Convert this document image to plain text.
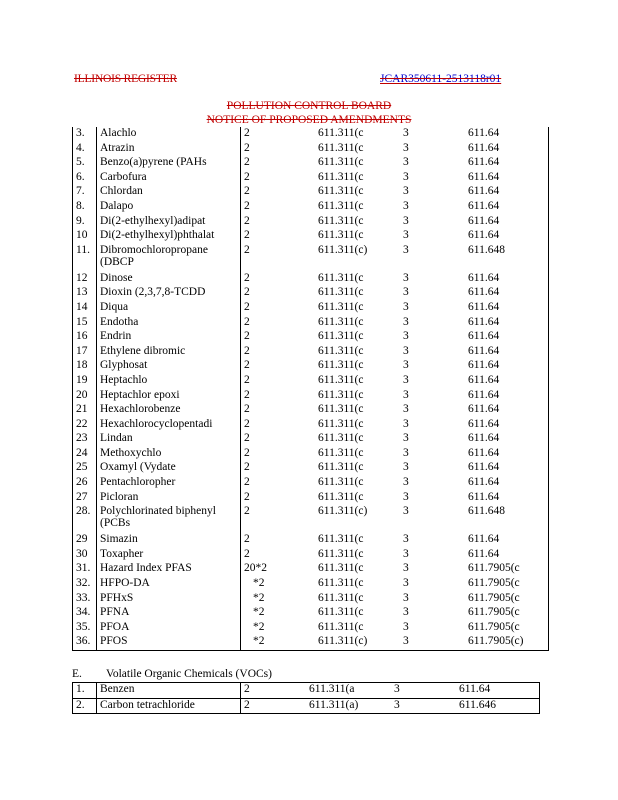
ILLINOIS REGISTER	JCAR350611-2513118r01
POLLUTION CONTROL BOARD
NOTICE OF PROPOSED AMENDMENTS
3.	Alachlo	2	611.311(c	3	611.64
4.	Atrazin	2	611.311(c	3	611.64
5.	Benzo(a)pyrene (PAHs	2	611.311(c	3	611.64
6.	Carbofura	2	611.311(c	3	611.64
7.	Chlordan	2	611.311(c	3	611.64
8.	Dalapo	2	611.311(c	3	611.64
9.	Di(2-ethylhexyl)adipat	2	611.311(c	3	611.64
10	Di(2-ethylhexyl)phthalat	2	611.311(c	3	611.64
11.	Dibromochloropropane (DBCP	2	611.311(c)	3	611.648
12	Dinose	2	611.311(c	3	611.64
13	Dioxin (2,3,7,8-TCDD	2	611.311(c	3	611.64
14	Diqua	2	611.311(c	3	611.64
15	Endotha	2	611.311(c	3	611.64
16	Endrin	2	611.311(c	3	611.64
17	Ethylene dibromic	2	611.311(c	3	611.64
18	Glyphosat	2	611.311(c	3	611.64
19	Heptachlo	2	611.311(c	3	611.64
20	Heptachlor epoxi	2	611.311(c	3	611.64
21	Hexachlorobenze	2	611.311(c	3	611.64
22	Hexachlorocyclopentadi	2	611.311(c	3	611.64
23	Lindan	2	611.311(c	3	611.64
24	Methoxychlo	2	611.311(c	3	611.64
25	Oxamyl (Vydate	2	611.311(c	3	611.64
26	Pentachloropher	2	611.311(c	3	611.64
27	Picloran	2	611.311(c	3	611.64
28.	Polychlorinated biphenyl (PCBs	2	611.311(c)	3	611.648
29	Simazin	2	611.311(c	3	611.64
30	Toxapher	2	611.311(c	3	611.64
31.	Hazard Index PFAS	20*2	611.311(c	3	611.7905(c
32.	HFPO-DA	*2	611.311(c	3	611.7905(c
33.	PFHxS	*2	611.311(c	3	611.7905(c
34.	PFNA	*2	611.311(c	3	611.7905(c
35.	PFOA	*2	611.311(c	3	611.7905(c
36.	PFOS	*2	611.311(c)	3	611.7905(c)
E. Volatile Organic Chemicals (VOCs)
1.	Benzen	2	611.311(a	3	611.64
2.	Carbon tetrachloride	2	611.311(a)	3	611.646
